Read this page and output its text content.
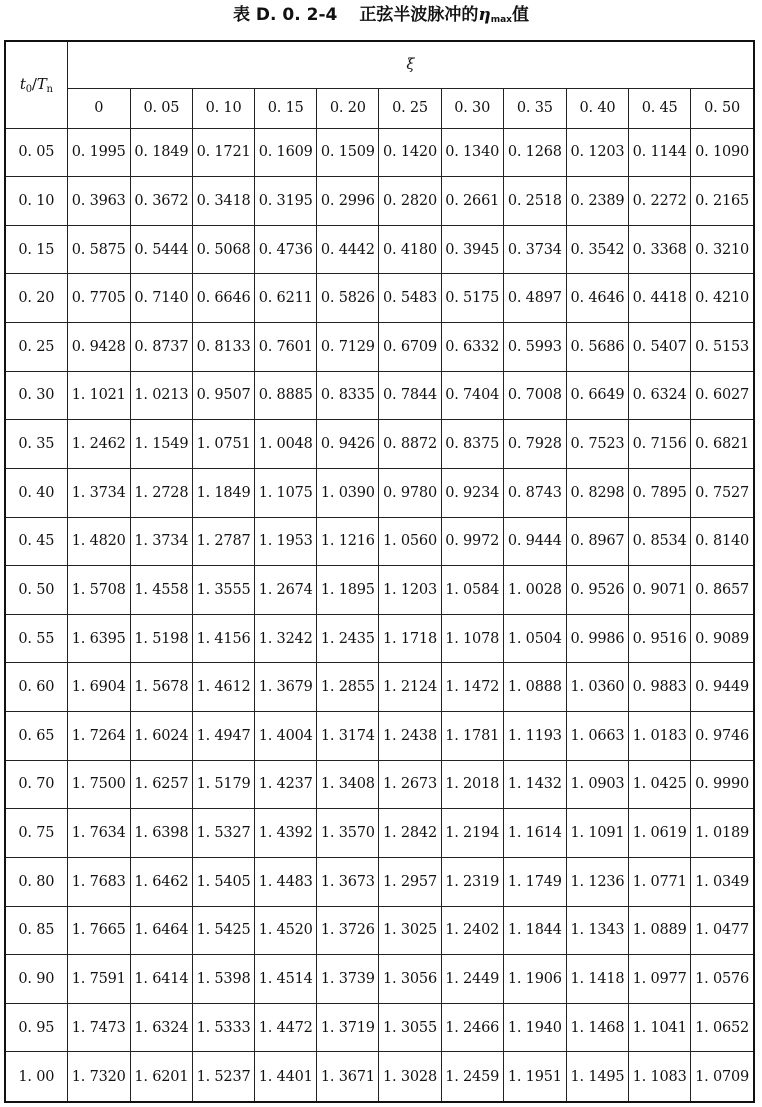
表 D. 0. 2-4 正弦半波脉冲的$\eta_{max}$值
$t_0/T_n$	ξ										
	0	0. 05	0. 10	0. 15	0. 20	0. 25	0. 30	0. 35	0. 40	0. 45	0. 50
0. 05	0. 1995	0. 1849	0. 1721	0. 1609	0. 1509	0. 1420	0. 1340	0. 1268	0. 1203	0. 1144	0. 1090
0. 10	0. 3963	0. 3672	0. 3418	0. 3195	0. 2996	0. 2820	0. 2661	0. 2518	0. 2389	0. 2272	0. 2165
0. 15	0. 5875	0. 5444	0. 5068	0. 4736	0. 4442	0. 4180	0. 3945	0. 3734	0. 3542	0. 3368	0. 3210
0. 20	0. 7705	0. 7140	0. 6646	0. 6211	0. 5826	0. 5483	0. 5175	0. 4897	0. 4646	0. 4418	0. 4210
0. 25	0. 9428	0. 8737	0. 8133	0. 7601	0. 7129	0. 6709	0. 6332	0. 5993	0. 5686	0. 5407	0. 5153
0. 30	1. 1021	1. 0213	0. 9507	0. 8885	0. 8335	0. 7844	0. 7404	0. 7008	0. 6649	0. 6324	0. 6027
0. 35	1. 2462	1. 1549	1. 0751	1. 0048	0. 9426	0. 8872	0. 8375	0. 7928	0. 7523	0. 7156	0. 6821
0. 40	1. 3734	1. 2728	1. 1849	1. 1075	1. 0390	0. 9780	0. 9234	0. 8743	0. 8298	0. 7895	0. 7527
0. 45	1. 4820	1. 3734	1. 2787	1. 1953	1. 1216	1. 0560	0. 9972	0. 9444	0. 8967	0. 8534	0. 8140
0. 50	1. 5708	1. 4558	1. 3555	1. 2674	1. 1895	1. 1203	1. 0584	1. 0028	0. 9526	0. 9071	0. 8657
0. 55	1. 6395	1. 5198	1. 4156	1. 3242	1. 2435	1. 1718	1. 1078	1. 0504	0. 9986	0. 9516	0. 9089
0. 60	1. 6904	1. 5678	1. 4612	1. 3679	1. 2855	1. 2124	1. 1472	1. 0888	1. 0360	0. 9883	0. 9449
0. 65	1. 7264	1. 6024	1. 4947	1. 4004	1. 3174	1. 2438	1. 1781	1. 1193	1. 0663	1. 0183	0. 9746
0. 70	1. 7500	1. 6257	1. 5179	1. 4237	1. 3408	1. 2673	1. 2018	1. 1432	1. 0903	1. 0425	0. 9990
0. 75	1. 7634	1. 6398	1. 5327	1. 4392	1. 3570	1. 2842	1. 2194	1. 1614	1. 1091	1. 0619	1. 0189
0. 80	1. 7683	1. 6462	1. 5405	1. 4483	1. 3673	1. 2957	1. 2319	1. 1749	1. 1236	1. 0771	1. 0349
0. 85	1. 7665	1. 6464	1. 5425	1. 4520	1. 3726	1. 3025	1. 2402	1. 1844	1. 1343	1. 0889	1. 0477
0. 90	1. 7591	1. 6414	1. 5398	1. 4514	1. 3739	1. 3056	1. 2449	1. 1906	1. 1418	1. 0977	1. 0576
0. 95	1. 7473	1. 6324	1. 5333	1. 4472	1. 3719	1. 3055	1. 2466	1. 1940	1. 1468	1. 1041	1. 0652
1. 00	1. 7320	1. 6201	1. 5237	1. 4401	1. 3671	1. 3028	1. 2459	1. 1951	1. 1495	1. 1083	1. 0709
